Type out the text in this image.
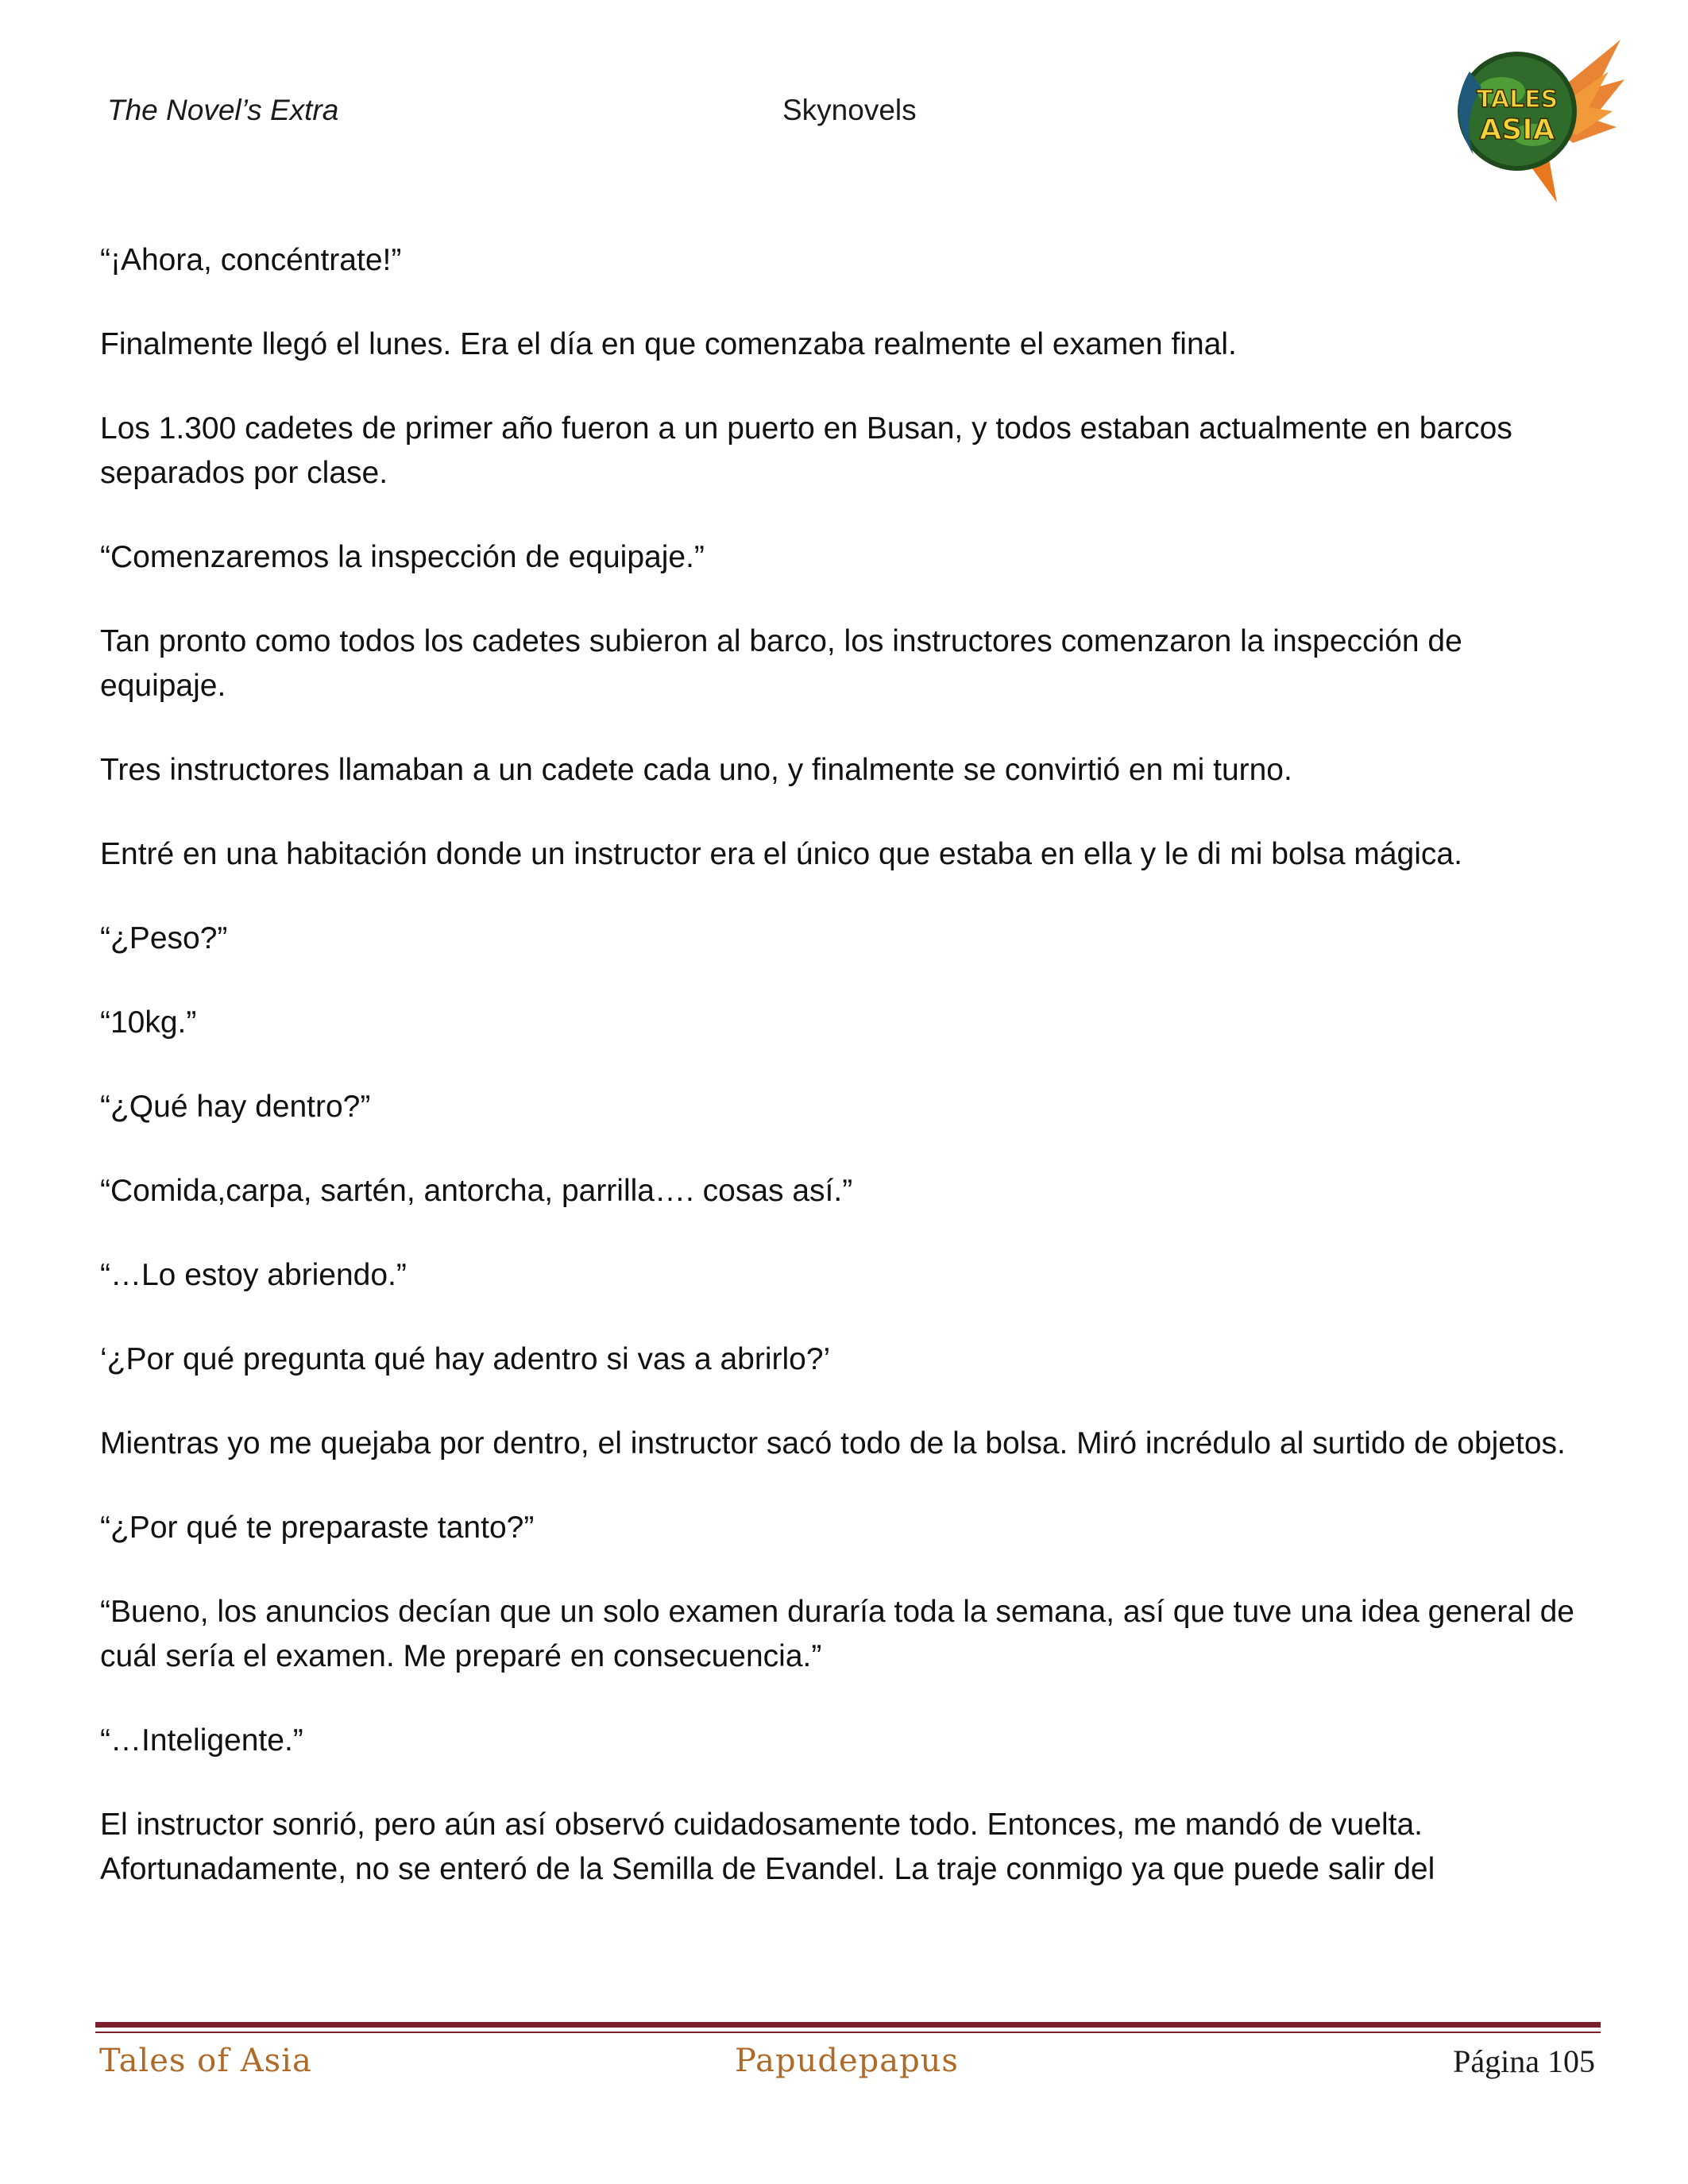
The Novel’s Extra	Skynovels	TALES
ASIA

“¡Ahora, concéntrate!”

Finalmente llegó el lunes. Era el día en que comenzaba realmente el examen final.

Los 1.300 cadetes de primer año fueron a un puerto en Busan, y todos estaban actualmente en barcos separados por clase.

“Comenzaremos la inspección de equipaje.”

Tan pronto como todos los cadetes subieron al barco, los instructores comenzaron la inspección de equipaje.

Tres instructores llamaban a un cadete cada uno, y finalmente se convirtió en mi turno.

Entré en una habitación donde un instructor era el único que estaba en ella y le di mi bolsa mágica.

“¿Peso?”

“10kg.”

“¿Qué hay dentro?”

“Comida,carpa, sartén, antorcha, parrilla…. cosas así.”

“…Lo estoy abriendo.”

‘¿Por qué pregunta qué hay adentro si vas a abrirlo?’

Mientras yo me quejaba por dentro, el instructor sacó todo de la bolsa. Miró incrédulo al surtido de objetos.

“¿Por qué te preparaste tanto?”

“Bueno, los anuncios decían que un solo examen duraría toda la semana, así que tuve una idea general de cuál sería el examen. Me preparé en consecuencia.”

“…Inteligente.”

El instructor sonrió, pero aún así observó cuidadosamente todo. Entonces, me mandó de vuelta. Afortunadamente, no se enteró de la Semilla de Evandel. La traje conmigo ya que puede salir del

Tales of Asia	Papudepapus	Página 105
